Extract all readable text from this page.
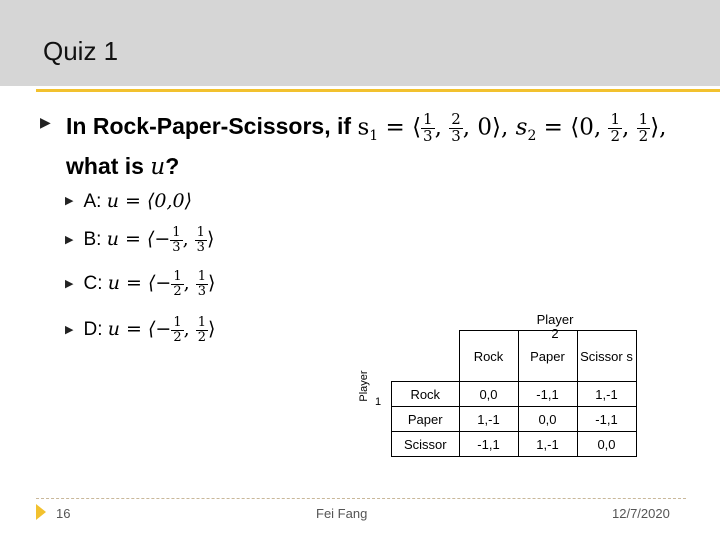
Quiz 1
▶ In Rock-Paper-Scissors, if $s_1$ = ⟨ $\frac{1}{3}$ , $\frac{2}{3}$ , 0⟩, $s_2$ = ⟨0, $\frac{1}{2}$ , $\frac{1}{2}$ ⟩,
what is u?
▶ A: u = ⟨0,0⟩
▶ B: u = ⟨− $\frac{1}{3}$ , $\frac{1}{3}$ ⟩
▶ C: u = ⟨− $\frac{1}{2}$ , $\frac{1}{3}$ ⟩
▶ D: u = ⟨− $\frac{1}{2}$ , $\frac{1}{2}$ ⟩
Player
1
Player
2
	Rock	Paper	Scissor s
Rock	0,0	-1,1	1,-1
Paper	1,-1	0,0	-1,1
Scissor	-1,1	1,-1	0,0
16	Fei Fang	12/7/2020
